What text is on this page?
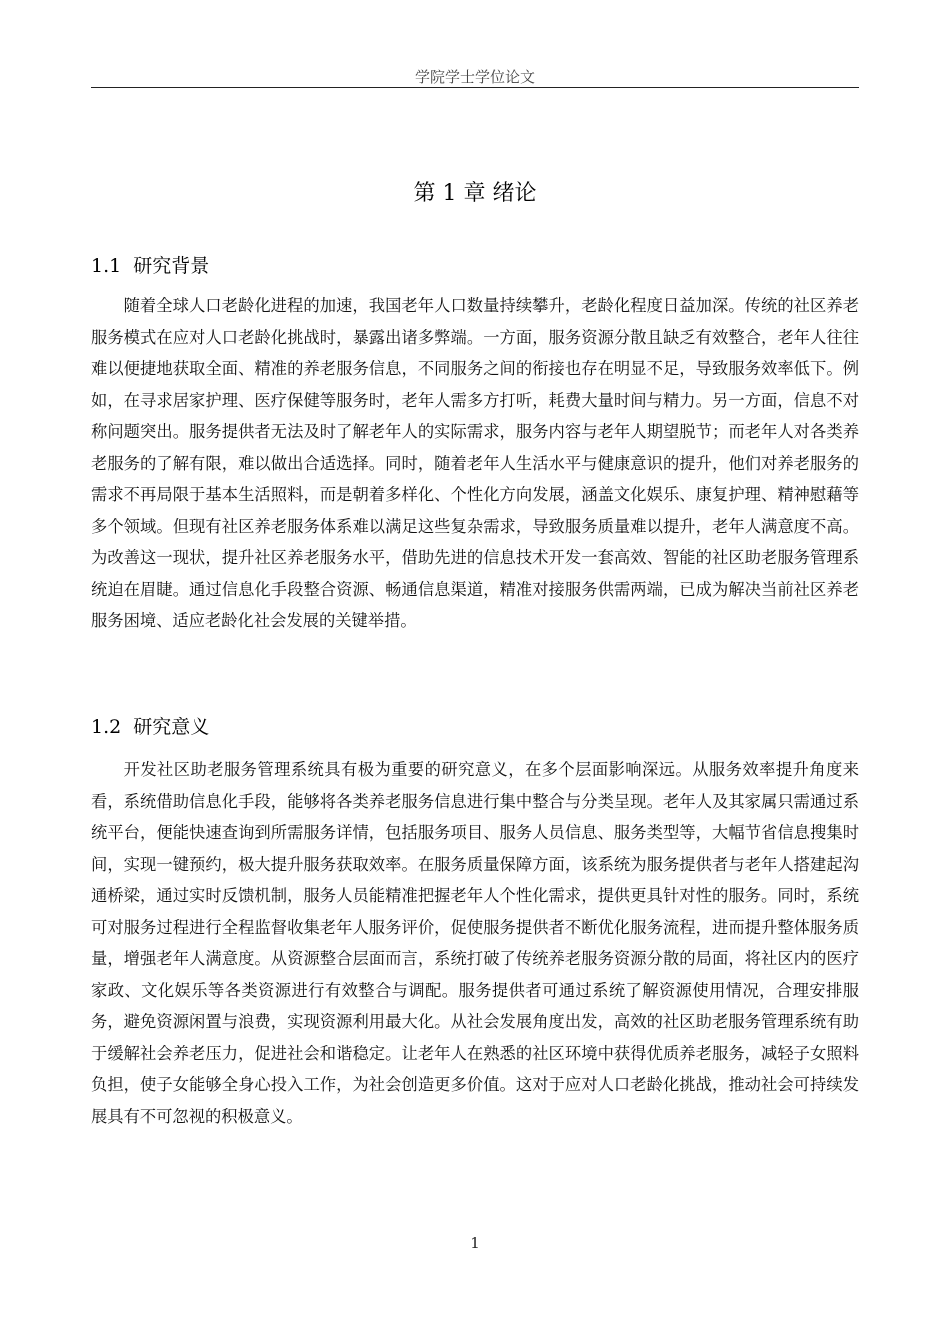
学院学士学位论文
第 1 章 绪论
1.1 研究背景

随着全球人口老龄化进程的加速，我国老年人口数量持续攀升，老龄化程度日益加深。传统的社区养老服务模式在应对人口老龄化挑战时，暴露出诸多弊端。一方面，服务资源分散且缺乏有效整合，老年人往往难以便捷地获取全面、精准的养老服务信息，不同服务之间的衔接也存在明显不足，导致服务效率低下。例如，在寻求居家护理、医疗保健等服务时，老年人需多方打听，耗费大量时间与精力。另一方面，信息不对称问题突出。服务提供者无法及时了解老年人的实际需求，服务内容与老年人期望脱节；而老年人对各类养老服务的了解有限，难以做出合适选择。同时，随着老年人生活水平与健康意识的提升，他们对养老服务的需求不再局限于基本生活照料，而是朝着多样化、个性化方向发展，涵盖文化娱乐、康复护理、精神慰藉等多个领域。但现有社区养老服务体系难以满足这些复杂需求，导致服务质量难以提升，老年人满意度不高。为改善这一现状，提升社区养老服务水平，借助先进的信息技术开发一套高效、智能的社区助老服务管理系统迫在眉睫。通过信息化手段整合资源、畅通信息渠道，精准对接服务供需两端，已成为解决当前社区养老服务困境、适应老龄化社会发展的关键举措。

1.2 研究意义

开发社区助老服务管理系统具有极为重要的研究意义，在多个层面影响深远。从服务效率提升角度来看，系统借助信息化手段，能够将各类养老服务信息进行集中整合与分类呈现。老年人及其家属只需通过系统平台，便能快速查询到所需服务详情，包括服务项目、服务人员信息、服务类型等，大幅节省信息搜集时间，实现一键预约，极大提升服务获取效率。在服务质量保障方面，该系统为服务提供者与老年人搭建起沟通桥梁，通过实时反馈机制，服务人员能精准把握老年人个性化需求，提供更具针对性的服务。同时，系统可对服务过程进行全程监督收集老年人服务评价，促使服务提供者不断优化服务流程，进而提升整体服务质量，增强老年人满意度。从资源整合层面而言，系统打破了传统养老服务资源分散的局面，将社区内的医疗家政、文化娱乐等各类资源进行有效整合与调配。服务提供者可通过系统了解资源使用情况，合理安排服务，避免资源闲置与浪费，实现资源利用最大化。从社会发展角度出发，高效的社区助老服务管理系统有助于缓解社会养老压力，促进社会和谐稳定。让老年人在熟悉的社区环境中获得优质养老服务，减轻子女照料负担，使子女能够全身心投入工作，为社会创造更多价值。这对于应对人口老龄化挑战，推动社会可持续发展具有不可忽视的积极意义。

1
